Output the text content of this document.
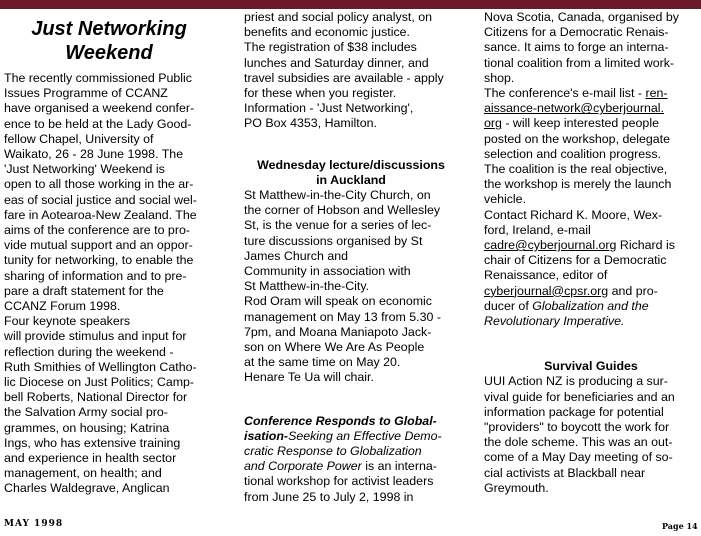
Just Networking
Weekend

The recently commissioned Public
Issues Programme of CCANZ
have organised a weekend confer-
ence to be held at the Lady Good-
fellow Chapel, University of
Waikato, 26 - 28 June 1998. The
'Just Networking' Weekend is
open to all those working in the ar-
eas of social justice and social wel-
fare in Aotearoa-New Zealand. The
aims of the conference are to pro-
vide mutual support and an oppor-
tunity for networking, to enable the
sharing of information and to pre-
pare a draft statement for the
CCANZ Forum 1998.
Four keynote speakers
will provide stimulus and input for
reflection during the weekend -
Ruth Smithies of Wellington Catho-
lic Diocese on Just Politics; Camp-
bell Roberts, National Director for
the Salvation Army social pro-
grammes, on housing; Katrina
Ings, who has extensive training
and experience in health sector
management, on health; and
Charles Waldegrave, Anglican

priest and social policy analyst, on
benefits and economic justice.
The registration of $38 includes
lunches and Saturday dinner, and
travel subsidies are available - apply
for these when you register.
Information - 'Just Networking',
PO Box 4353, Hamilton.

Wednesday lecture/discussions
in Auckland

St Matthew-in-the-City Church, on
the corner of Hobson and Wellesley
St, is the venue for a series of lec-
ture discussions organised by St
James Church and
Community in association with
St Matthew-in-the-City.
Rod Oram will speak on economic
management on May 13 from 5.30 -
7pm, and Moana Maniapoto Jack-
son on Where We Are As People
at the same time on May 20.
Henare Te Ua will chair.

Conference Responds to Global-
isation-Seeking an Effective Demo-
cratic Response to Globalization
and Corporate Power is an interna-
tional workshop for activist leaders
from June 25 to July 2, 1998 in

Nova Scotia, Canada, organised by
Citizens for a Democratic Renais-
sance. It aims to forge an interna-
tional coalition from a limited work-
shop.
The conference's e-mail list - ren-
aissance-network@cyberjournal.
org - will keep interested people
posted on the workshop, delegate
selection and coalition progress.
The coalition is the real objective,
the workshop is merely the launch
vehicle.
Contact Richard K. Moore, Wex-
ford, Ireland, e-mail
cadre@cyberjournal.org Richard is
chair of Citizens for a Democratic
Renaissance, editor of
cyberjournal@cpsr.org and pro-
ducer of Globalization and the
Revolutionary Imperative.

Survival Guides

UUI Action NZ is producing a sur-
vival guide for beneficiaries and an
information package for potential
"providers" to boycott the work for
the dole scheme. This was an out-
come of a May Day meeting of so-
cial activists at Blackball near
Greymouth.

MAY 1998	Page 14
